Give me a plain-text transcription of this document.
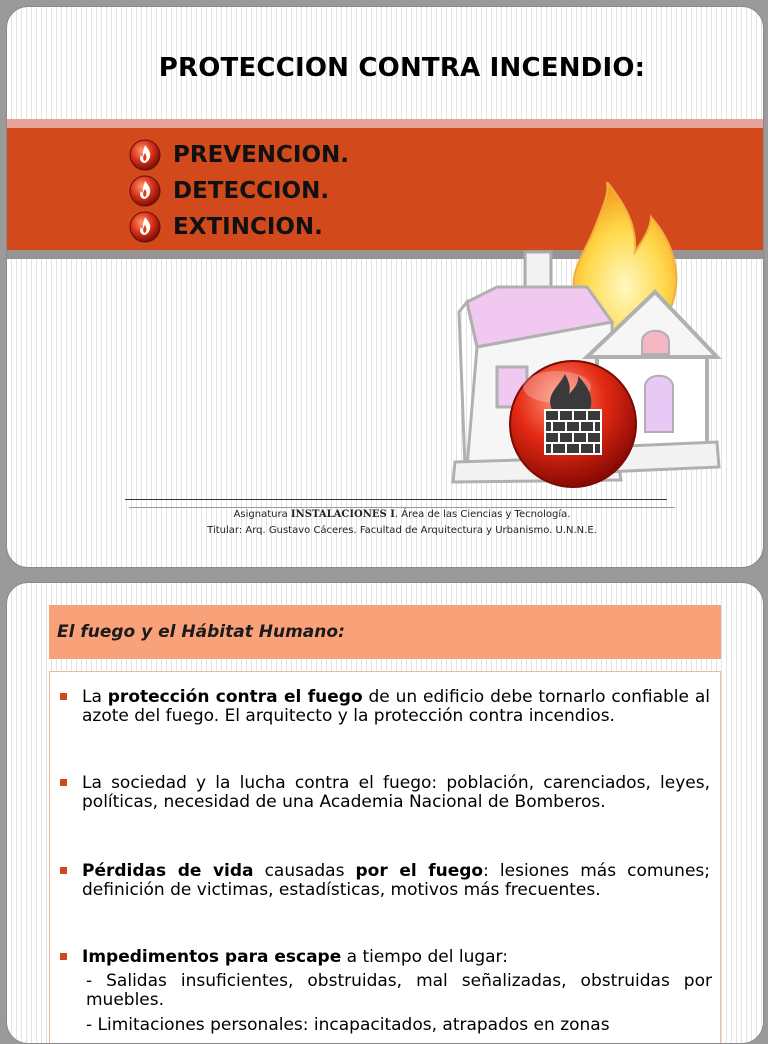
PROTECCION CONTRA INCENDIO:
PREVENCION.
DETECCION.
EXTINCION.
Asignatura INSTALACIONES I. Área de las Ciencias y Tecnología.
Titular: Arq. Gustavo Cáceres. Facultad de Arquitectura y Urbanismo. U.N.N.E.
El fuego y el Hábitat Humano:
La protección contra el fuego de un edificio debe tornarlo confiable al azote del fuego. El arquitecto y la protección contra incendios.
La sociedad y la lucha contra el fuego: población, carenciados, leyes, políticas, necesidad de una Academia Nacional de Bomberos.
Pérdidas de vida causadas por el fuego: lesiones más comunes; definición de victimas, estadísticas, motivos más frecuentes.
Impedimentos para escape a tiempo del lugar:
- Salidas insuficientes, obstruidas, mal señalizadas, obstruidas por muebles.
- Limitaciones personales: incapacitados, atrapados en zonas
